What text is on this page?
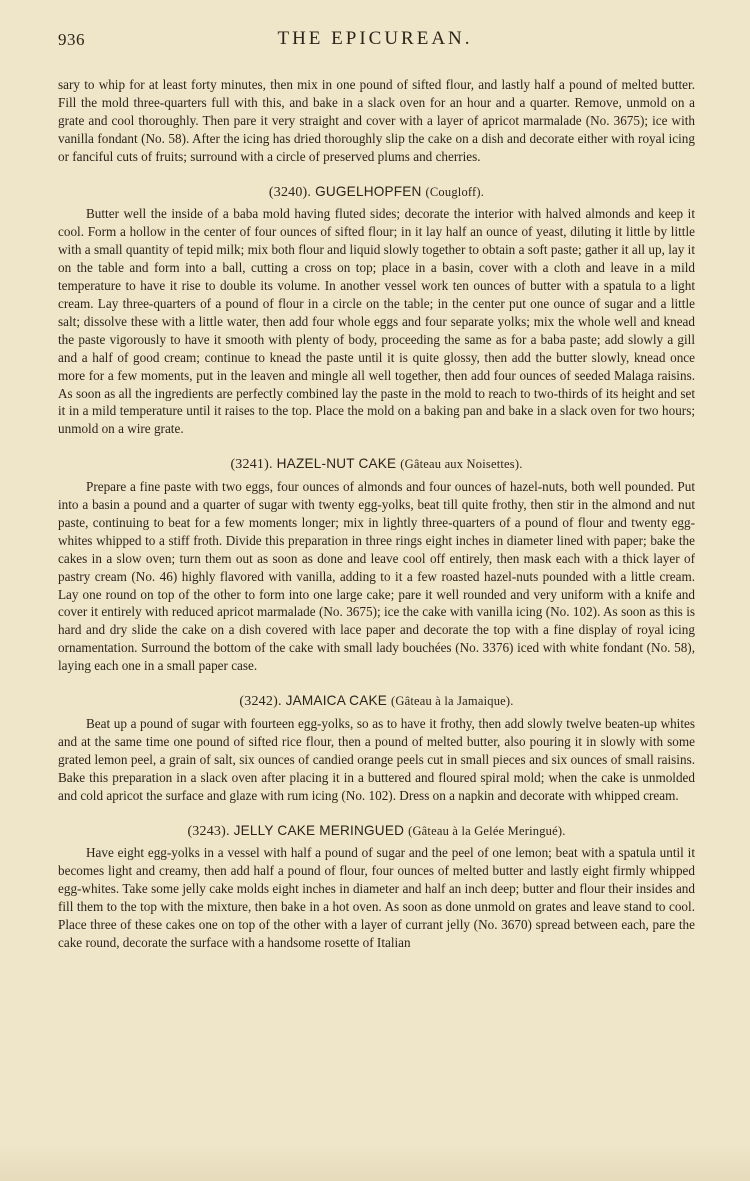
936	THE EPICUREAN.

sary to whip for at least forty minutes, then mix in one pound of sifted flour, and lastly half a pound of melted butter. Fill the mold three-quarters full with this, and bake in a slack oven for an hour and a quarter. Remove, unmold on a grate and cool thoroughly. Then pare it very straight and cover with a layer of apricot marmalade (No. 3675); ice with vanilla fondant (No. 58). After the icing has dried thoroughly slip the cake on a dish and decorate either with royal icing or fanciful cuts of fruits; surround with a circle of preserved plums and cherries.

(3240). GUGELHOPFEN (Cougloff).

Butter well the inside of a baba mold having fluted sides; decorate the interior with halved almonds and keep it cool. Form a hollow in the center of four ounces of sifted flour; in it lay half an ounce of yeast, diluting it little by little with a small quantity of tepid milk; mix both flour and liquid slowly together to obtain a soft paste; gather it all up, lay it on the table and form into a ball, cutting a cross on top; place in a basin, cover with a cloth and leave in a mild temperature to have it rise to double its volume. In another vessel work ten ounces of butter with a spatula to a light cream. Lay three-quarters of a pound of flour in a circle on the table; in the center put one ounce of sugar and a little salt; dissolve these with a little water, then add four whole eggs and four separate yolks; mix the whole well and knead the paste vigorously to have it smooth with plenty of body, proceeding the same as for a baba paste; add slowly a gill and a half of good cream; continue to knead the paste until it is quite glossy, then add the butter slowly, knead once more for a few moments, put in the leaven and mingle all well together, then add four ounces of seeded Malaga raisins. As soon as all the ingredients are perfectly combined lay the paste in the mold to reach to two-thirds of its height and set it in a mild temperature until it raises to the top. Place the mold on a baking pan and bake in a slack oven for two hours; unmold on a wire grate.

(3241). HAZEL-NUT CAKE (Gâteau aux Noisettes).

Prepare a fine paste with two eggs, four ounces of almonds and four ounces of hazel-nuts, both well pounded. Put into a basin a pound and a quarter of sugar with twenty egg-yolks, beat till quite frothy, then stir in the almond and nut paste, continuing to beat for a few moments longer; mix in lightly three-quarters of a pound of flour and twenty egg-whites whipped to a stiff froth. Divide this preparation in three rings eight inches in diameter lined with paper; bake the cakes in a slow oven; turn them out as soon as done and leave cool off entirely, then mask each with a thick layer of pastry cream (No. 46) highly flavored with vanilla, adding to it a few roasted hazel-nuts pounded with a little cream. Lay one round on top of the other to form into one large cake; pare it well rounded and very uniform with a knife and cover it entirely with reduced apricot marmalade (No. 3675); ice the cake with vanilla icing (No. 102). As soon as this is hard and dry slide the cake on a dish covered with lace paper and decorate the top with a fine display of royal icing ornamentation. Surround the bottom of the cake with small lady bouchées (No. 3376) iced with white fondant (No. 58), laying each one in a small paper case.

(3242). JAMAICA CAKE (Gâteau à la Jamaique).

Beat up a pound of sugar with fourteen egg-yolks, so as to have it frothy, then add slowly twelve beaten-up whites and at the same time one pound of sifted rice flour, then a pound of melted butter, also pouring it in slowly with some grated lemon peel, a grain of salt, six ounces of candied orange peels cut in small pieces and six ounces of small raisins. Bake this preparation in a slack oven after placing it in a buttered and floured spiral mold; when the cake is unmolded and cold apricot the surface and glaze with rum icing (No. 102). Dress on a napkin and decorate with whipped cream.

(3243). JELLY CAKE MERINGUED (Gâteau à la Gelée Meringué).

Have eight egg-yolks in a vessel with half a pound of sugar and the peel of one lemon; beat with a spatula until it becomes light and creamy, then add half a pound of flour, four ounces of melted butter and lastly eight firmly whipped egg-whites. Take some jelly cake molds eight inches in diameter and half an inch deep; butter and flour their insides and fill them to the top with the mixture, then bake in a hot oven. As soon as done unmold on grates and leave stand to cool. Place three of these cakes one on top of the other with a layer of currant jelly (No. 3670) spread between each, pare the cake round, decorate the surface with a handsome rosette of Italian
